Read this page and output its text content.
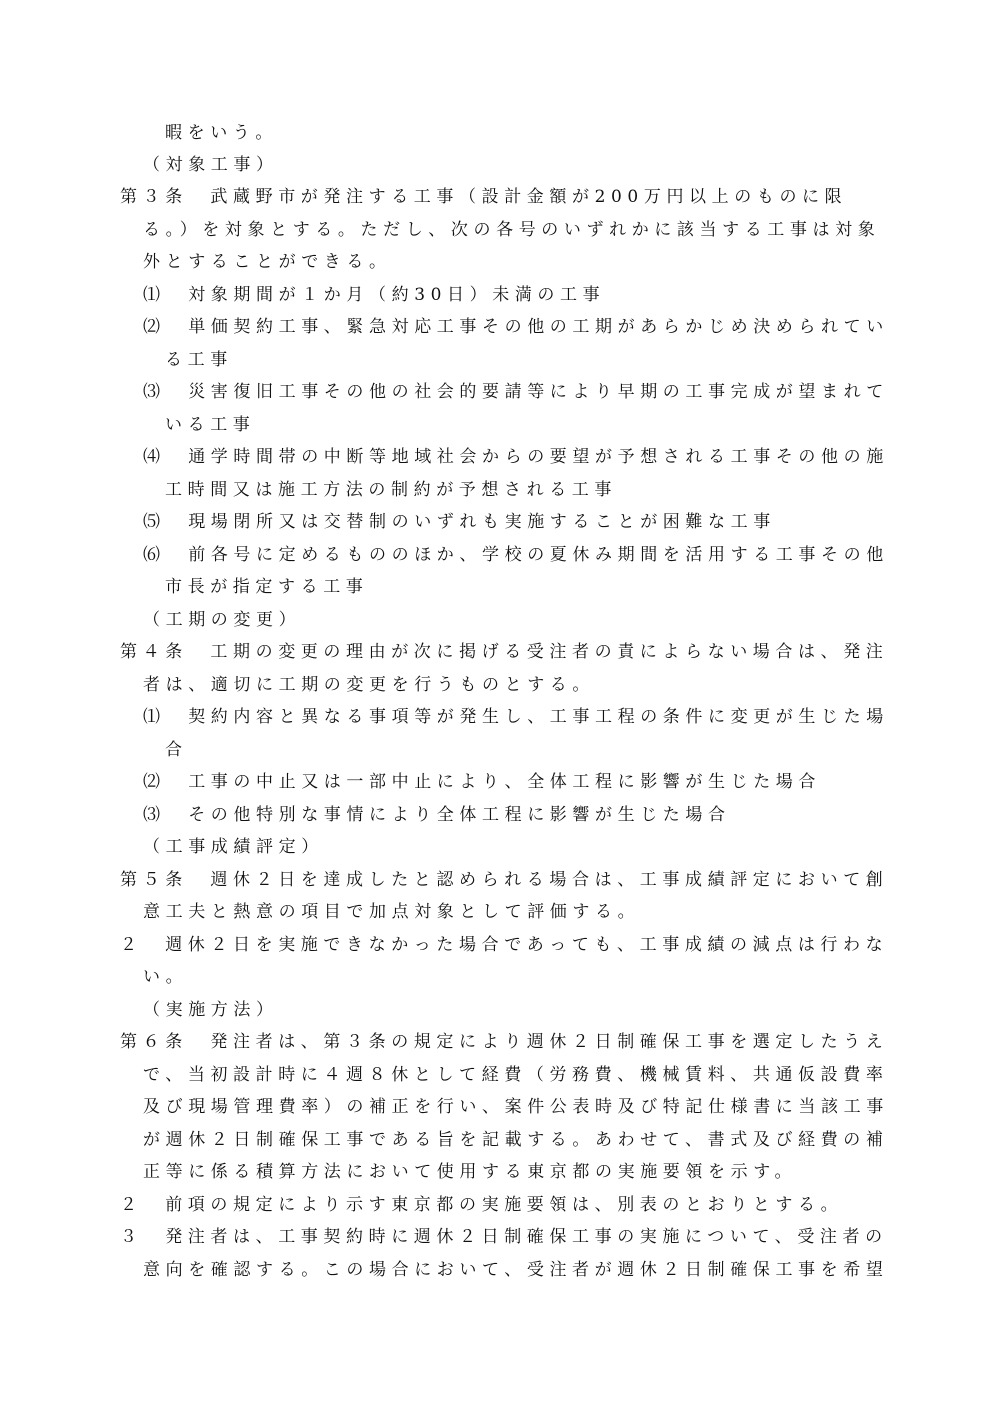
暇をいう。
（対象工事）
第３条　武蔵野市が発注する工事（設計金額が200万円以上のものに限
る。）を対象とする。ただし、次の各号のいずれかに該当する工事は対象
外とすることができる。
⑴　対象期間が１か月（約30日）未満の工事
⑵　単価契約工事、緊急対応工事その他の工期があらかじめ決められてい
る工事
⑶　災害復旧工事その他の社会的要請等により早期の工事完成が望まれて
いる工事
⑷　通学時間帯の中断等地域社会からの要望が予想される工事その他の施
工時間又は施工方法の制約が予想される工事
⑸　現場閉所又は交替制のいずれも実施することが困難な工事
⑹　前各号に定めるもののほか、学校の夏休み期間を活用する工事その他
市長が指定する工事
（工期の変更）
第４条　工期の変更の理由が次に掲げる受注者の責によらない場合は、発注
者は、適切に工期の変更を行うものとする。
⑴　契約内容と異なる事項等が発生し、工事工程の条件に変更が生じた場
合
⑵　工事の中止又は一部中止により、全体工程に影響が生じた場合
⑶　その他特別な事情により全体工程に影響が生じた場合
（工事成績評定）
第５条　週休２日を達成したと認められる場合は、工事成績評定において創
意工夫と熱意の項目で加点対象として評価する。
２　週休２日を実施できなかった場合であっても、工事成績の減点は行わな
い。
（実施方法）
第６条　発注者は、第３条の規定により週休２日制確保工事を選定したうえ
で、当初設計時に４週８休として経費（労務費、機械賃料、共通仮設費率
及び現場管理費率）の補正を行い、案件公表時及び特記仕様書に当該工事
が週休２日制確保工事である旨を記載する。あわせて、書式及び経費の補
正等に係る積算方法において使用する東京都の実施要領を示す。
２　前項の規定により示す東京都の実施要領は、別表のとおりとする。
３　発注者は、工事契約時に週休２日制確保工事の実施について、受注者の
意向を確認する。この場合において、受注者が週休２日制確保工事を希望
